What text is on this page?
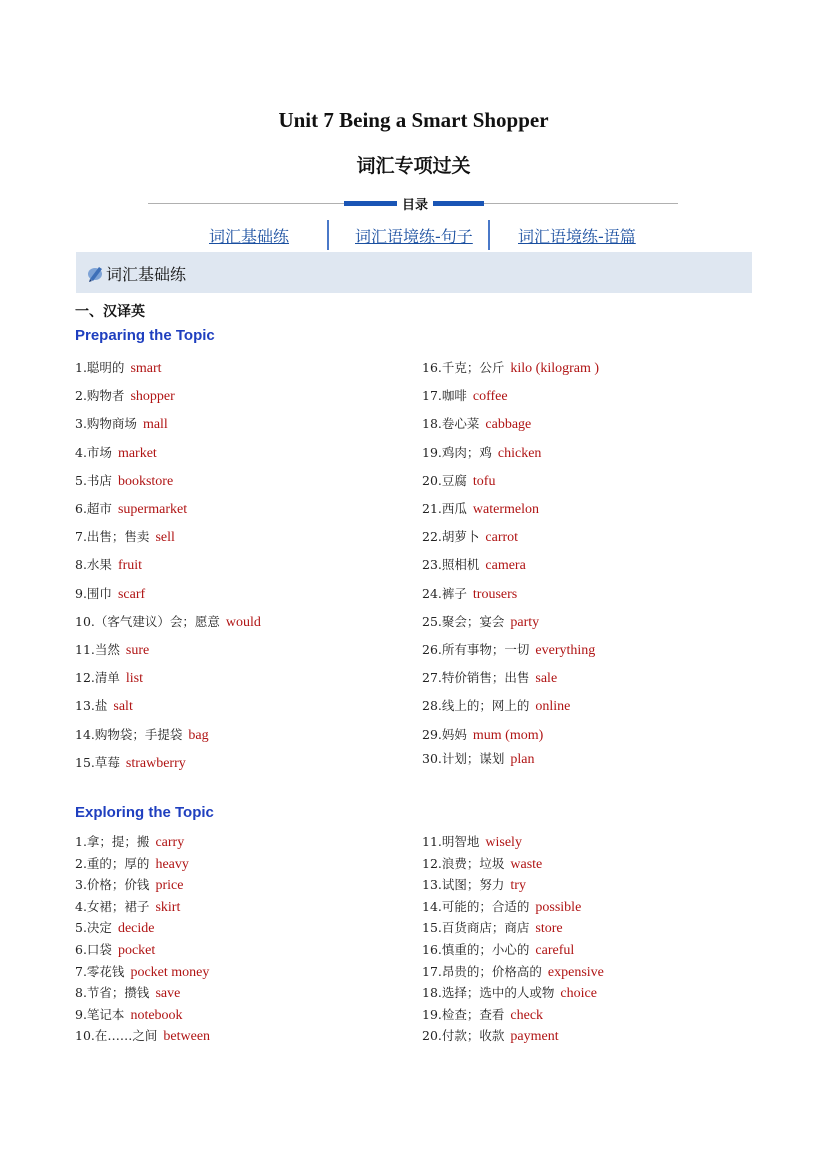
Unit 7 Being a Smart Shopper
词汇专项过关
目录
词汇基础练	词汇语境练-句子	词汇语境练-语篇
词汇基础练
一、汉译英
Preparing the Topic
Exploring the Topic
1.聪明的 smart
2.购物者 shopper
3.购物商场 mall
4.市场 market
5.书店 bookstore
6.超市 supermarket
7.出售；售卖 sell
8.水果 fruit
9.围巾 scarf
10.（客气建议）会；愿意 would
11.当然 sure
12.清单 list
13.盐 salt
14.购物袋；手提袋 bag
15.草莓 strawberry
16.千克；公斤 kilo (kilogram )
17.咖啡 coffee
18.卷心菜 cabbage
19.鸡肉；鸡 chicken
20.豆腐 tofu
21.西瓜 watermelon
22.胡萝卜 carrot
23.照相机 camera
24.裤子 trousers
25.聚会；宴会 party
26.所有事物；一切 everything
27.特价销售；出售 sale
28.线上的；网上的 online
29.妈妈 mum (mom)
30.计划；谋划 plan
1.拿；提；搬 carry
2.重的；厚的 heavy
3.价格；价钱 price
4.女裙；裙子 skirt
5.决定 decide
6.口袋 pocket
7.零花钱 pocket money
8.节省；攒钱 save
9.笔记本 notebook
10.在……之间 between
11.明智地 wisely
12.浪费；垃圾 waste
13.试图；努力 try
14.可能的；合适的 possible
15.百货商店；商店 store
16.慎重的；小心的 careful
17.昂贵的；价格高的 expensive
18.选择；选中的人或物 choice
19.检查；查看 check
20.付款；收款 payment
